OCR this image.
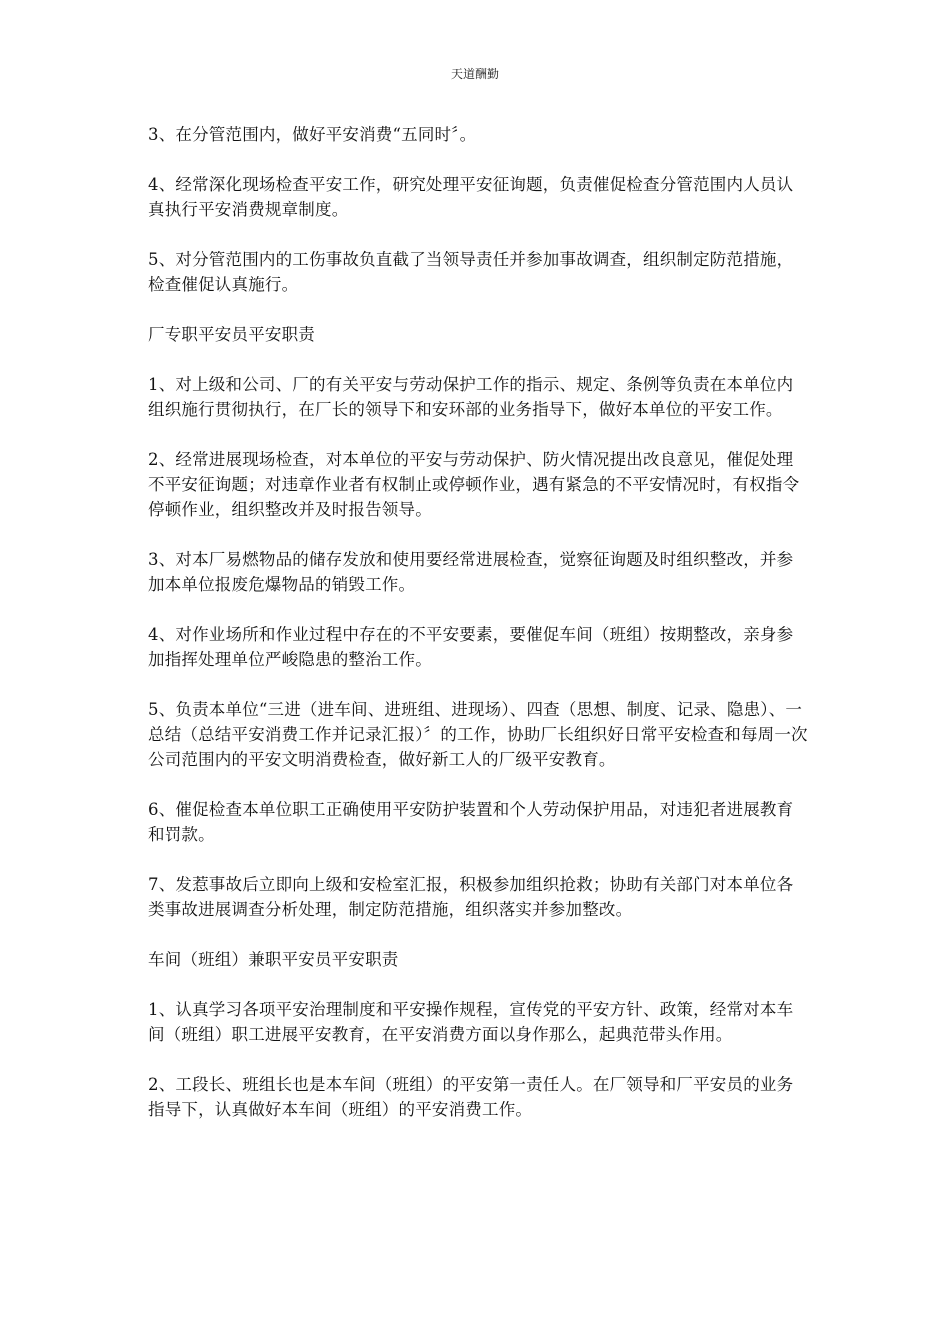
天道酬勤

3、在分管范围内，做好平安消费“五同时〞。

4、经常深化现场检查平安工作，研究处理平安征询题，负责催促检查分管范围内人员认真执行平安消费规章制度。

5、对分管范围内的工伤事故负直截了当领导责任并参加事故调查，组织制定防范措施，检查催促认真施行。

厂专职平安员平安职责

1、对上级和公司、厂的有关平安与劳动保护工作的指示、规定、条例等负责在本单位内组织施行贯彻执行，在厂长的领导下和安环部的业务指导下，做好本单位的平安工作。

2、经常进展现场检查，对本单位的平安与劳动保护、防火情况提出改良意见，催促处理不平安征询题；对违章作业者有权制止或停顿作业，遇有紧急的不平安情况时，有权指令停顿作业，组织整改并及时报告领导。

3、对本厂易燃物品的储存发放和使用要经常进展检查，觉察征询题及时组织整改，并参加本单位报废危爆物品的销毁工作。

4、对作业场所和作业过程中存在的不平安要素，要催促车间（班组）按期整改，亲身参加指挥处理单位严峻隐患的整治工作。

5、负责本单位“三进（进车间、进班组、进现场）、四查（思想、制度、记录、隐患）、一总结（总结平安消费工作并记录汇报）〞的工作，协助厂长组织好日常平安检查和每周一次公司范围内的平安文明消费检查，做好新工人的厂级平安教育。

6、催促检查本单位职工正确使用平安防护装置和个人劳动保护用品，对违犯者进展教育和罚款。

7、发惹事故后立即向上级和安检室汇报，积极参加组织抢救；协助有关部门对本单位各类事故进展调查分析处理，制定防范措施，组织落实并参加整改。

车间（班组）兼职平安员平安职责

1、认真学习各项平安治理制度和平安操作规程，宣传党的平安方针、政策，经常对本车间（班组）职工进展平安教育，在平安消费方面以身作那么，起典范带头作用。

2、工段长、班组长也是本车间（班组）的平安第一责任人。在厂领导和厂平安员的业务指导下，认真做好本车间（班组）的平安消费工作。
